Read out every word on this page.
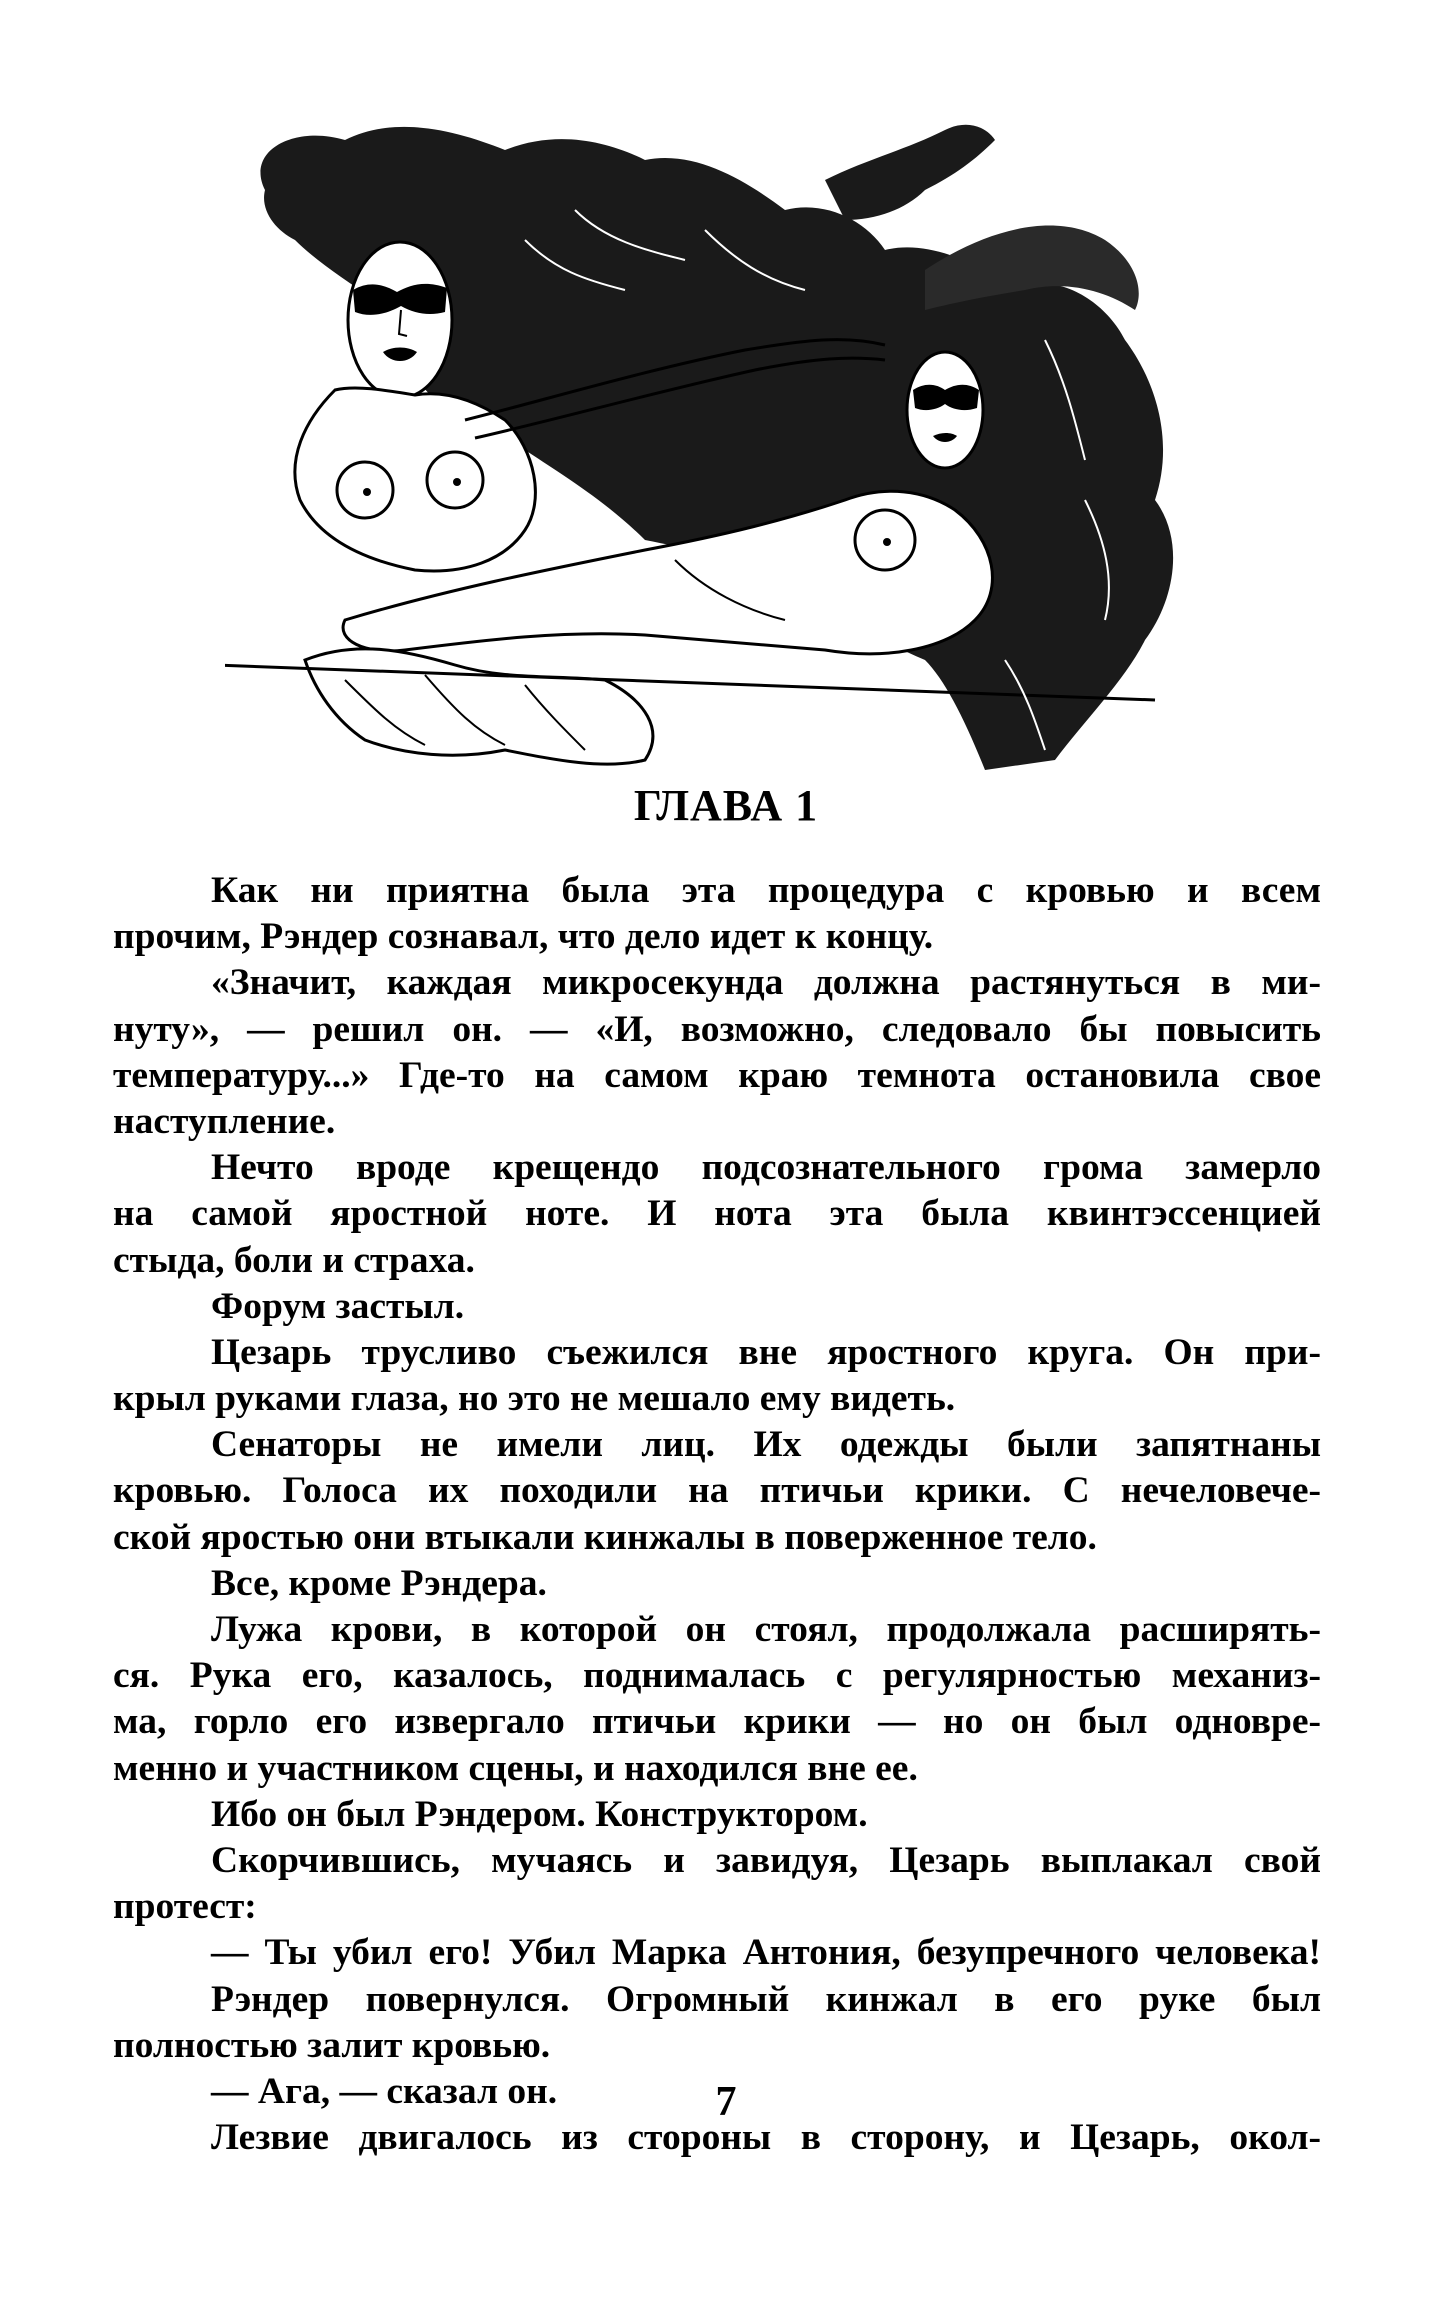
ГЛАВА 1
Как ни приятна была эта процедура с кровью и всем
прочим, Рэндер сознавал, что дело идет к концу.
«Значит, каждая микросекунда должна растянуться в ми-
нуту», — решил он. — «И, возможно, следовало бы повысить
температуру...» Где-то на самом краю темнота остановила свое
наступление.
Нечто вроде крещендо подсознательного грома замерло
на самой яростной ноте. И нота эта была квинтэссенцией
стыда, боли и страха.
Форум застыл.
Цезарь трусливо съежился вне яростного круга. Он при-
крыл руками глаза, но это не мешало ему видеть.
Сенаторы не имели лиц. Их одежды были запятнаны
кровью. Голоса их походили на птичьи крики. С нечеловече-
ской яростью они втыкали кинжалы в поверженное тело.
Все, кроме Рэндера.
Лужа крови, в которой он стоял, продолжала расширять-
ся. Рука его, казалось, поднималась с регулярностью механиз-
ма, горло его извергало птичьи крики — но он был одновре-
менно и участником сцены, и находился вне ее.
Ибо он был Рэндером. Конструктором.
Скорчившись, мучаясь и завидуя, Цезарь выплакал свой
протест:
— Ты убил его! Убил Марка Антония, безупречного человека!
Рэндер повернулся. Огромный кинжал в его руке был
полностью залит кровью.
— Ага, — сказал он.
Лезвие двигалось из стороны в сторону, и Цезарь, окол-
7
